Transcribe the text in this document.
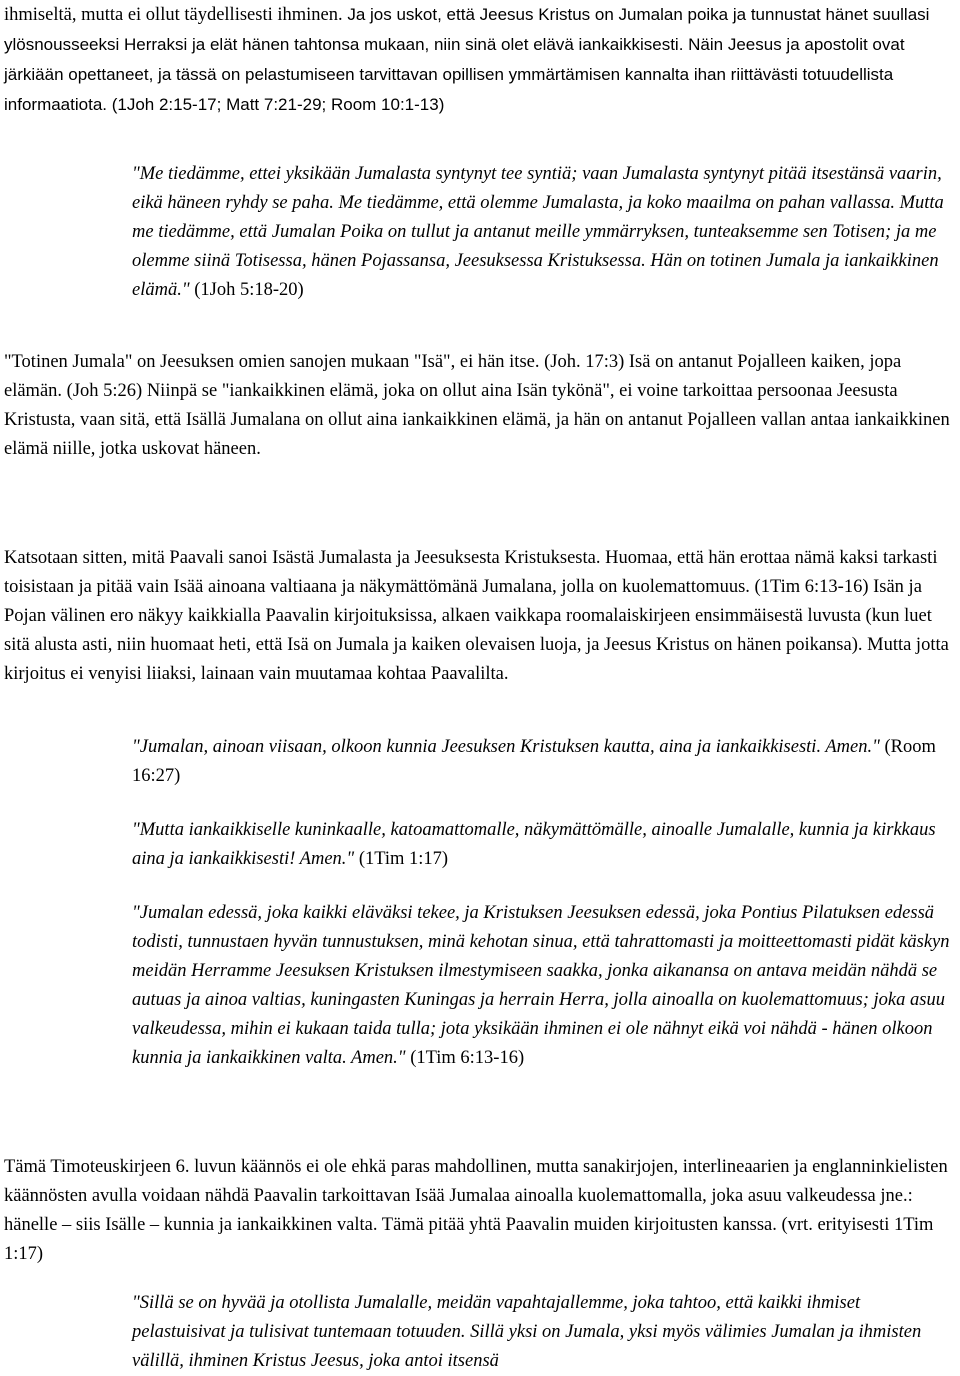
ihmiseltä, mutta ei ollut täydellisesti ihminen. Ja jos uskot, että Jeesus Kristus on Jumalan poika ja tunnustat hänet suullasi ylösnousseeksi Herraksi ja elät hänen tahtonsa mukaan, niin sinä olet elävä iankaikkisesti. Näin Jeesus ja apostolit ovat järkiään opettaneet, ja tässä on pelastumiseen tarvittavan opillisen ymmärtämisen kannalta ihan riittävästi totuudellista informaatiota. (1Joh 2:15-17; Matt 7:21-29; Room 10:1-13)

"Me tiedämme, ettei yksikään Jumalasta syntynyt tee syntiä; vaan Jumalasta syntynyt pitää itsestänsä vaarin, eikä häneen ryhdy se paha. Me tiedämme, että olemme Jumalasta, ja koko maailma on pahan vallassa. Mutta me tiedämme, että Jumalan Poika on tullut ja antanut meille ymmärryksen, tunteaksemme sen Totisen; ja me olemme siinä Totisessa, hänen Pojassansa, Jeesuksessa Kristuksessa. Hän on totinen Jumala ja iankaikkinen elämä." (1Joh 5:18-20)

"Totinen Jumala" on Jeesuksen omien sanojen mukaan "Isä", ei hän itse. (Joh. 17:3) Isä on antanut Pojalleen kaiken, jopa elämän. (Joh 5:26) Niinpä se "iankaikkinen elämä, joka on ollut aina Isän tykönä", ei voine tarkoittaa persoonaa Jeesusta Kristusta, vaan sitä, että Isällä Jumalana on ollut aina iankaikkinen elämä, ja hän on antanut Pojalleen vallan antaa iankaikkinen elämä niille, jotka uskovat häneen.

Katsotaan sitten, mitä Paavali sanoi Isästä Jumalasta ja Jeesuksesta Kristuksesta. Huomaa, että hän erottaa nämä kaksi tarkasti toisistaan ja pitää vain Isää ainoana valtiaana ja näkymättömänä Jumalana, jolla on kuolemattomuus. (1Tim 6:13-16) Isän ja Pojan välinen ero näkyy kaikkialla Paavalin kirjoituksissa, alkaen vaikkapa roomalaiskirjeen ensimmäisestä luvusta (kun luet sitä alusta asti, niin huomaat heti, että Isä on Jumala ja kaiken olevaisen luoja, ja Jeesus Kristus on hänen poikansa). Mutta jotta kirjoitus ei venyisi liiaksi, lainaan vain muutamaa kohtaa Paavalilta.

"Jumalan, ainoan viisaan, olkoon kunnia Jeesuksen Kristuksen kautta, aina ja iankaikkisesti. Amen." (Room 16:27)

"Mutta iankaikkiselle kuninkaalle, katoamattomalle, näkymättömälle, ainoalle Jumalalle, kunnia ja kirkkaus aina ja iankaikkisesti! Amen." (1Tim 1:17)

"Jumalan edessä, joka kaikki eläväksi tekee, ja Kristuksen Jeesuksen edessä, joka Pontius Pilatuksen edessä todisti, tunnustaen hyvän tunnustuksen, minä kehotan sinua, että tahrattomasti ja moitteettomasti pidät käskyn meidän Herramme Jeesuksen Kristuksen ilmestymiseen saakka, jonka aikanansa on antava meidän nähdä se autuas ja ainoa valtias, kuningasten Kuningas ja herrain Herra, jolla ainoalla on kuolemattomuus; joka asuu valkeudessa, mihin ei kukaan taida tulla; jota yksikään ihminen ei ole nähnyt eikä voi nähdä - hänen olkoon kunnia ja iankaikkinen valta. Amen." (1Tim 6:13-16)

Tämä Timoteuskirjeen 6. luvun käännös ei ole ehkä paras mahdollinen, mutta sanakirjojen, interlineaarien ja englanninkielisten käännösten avulla voidaan nähdä Paavalin tarkoittavan Isää Jumalaa ainoalla kuolemattomalla, joka asuu valkeudessa jne.: hänelle – siis Isälle – kunnia ja iankaikkinen valta. Tämä pitää yhtä Paavalin muiden kirjoitusten kanssa. (vrt. erityisesti 1Tim 1:17)

"Sillä se on hyvää ja otollista Jumalalle, meidän vapahtajallemme, joka tahtoo, että kaikki ihmiset pelastuisivat ja tulisivat tuntemaan totuuden. Sillä yksi on Jumala, yksi myös välimies Jumalan ja ihmisten välillä, ihminen Kristus Jeesus, joka antoi itsensä
